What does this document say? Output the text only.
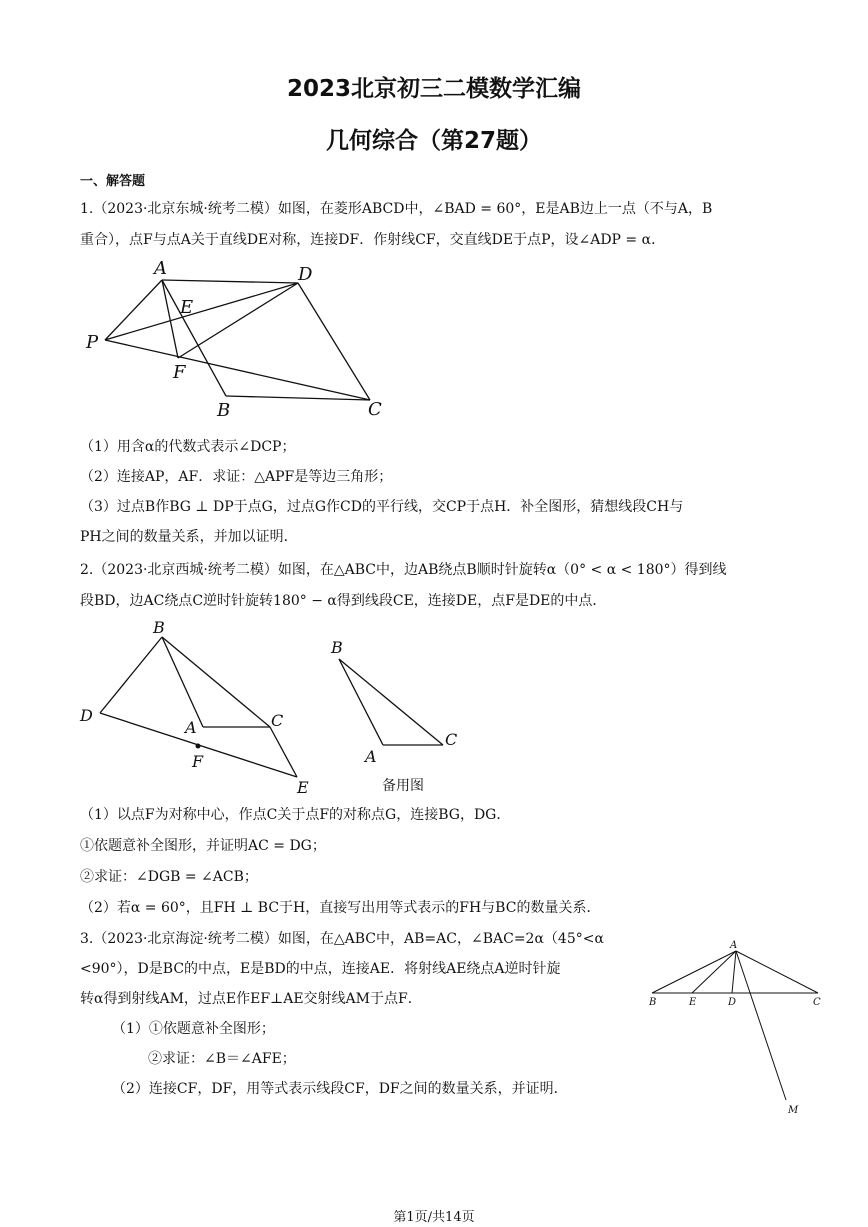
2023北京初三二模数学汇编
几何综合（第27题）
一、解答题
1.（2023·北京东城·统考二模）如图，在菱形ABCD中，∠BAD = 60°，E是AB边上一点（不与A，B
重合），点F与点A关于直线DE对称，连接DF．作射线CF，交直线DE于点P，设∠ADP = α．
A	D
E
P
F
B	C
（1）用含α的代数式表示∠DCP；
（2）连接AP，AF．求证：△APF是等边三角形；
（3）过点B作BG ⊥ DP于点G，过点G作CD的平行线，交CP于点H．补全图形，猜想线段CH与
PH之间的数量关系，并加以证明．
2.（2023·北京西城·统考二模）如图，在△ABC中，边AB绕点B顺时针旋转α（0° < α < 180°）得到线
段BD，边AC绕点C逆时针旋转180° − α得到线段CE，连接DE，点F是DE的中点．
B
D
A	C
F
E
B
A
C
备用图
（1）以点F为对称中心，作点C关于点F的对称点G，连接BG，DG．
①依题意补全图形，并证明AC = DG；
②求证：∠DGB = ∠ACB；
（2）若α = 60°，且FH ⊥ BC于H，直接写出用等式表示的FH与BC的数量关系．
3.（2023·北京海淀·统考二模）如图，在△ABC中，AB=AC，∠BAC=2α（45°<α
<90°），D是BC的中点，E是BD的中点，连接AE．将射线AE绕点A逆时针旋
转α得到射线AM，过点E作EF⊥AE交射线AM于点F．
（1）①依题意补全图形；
②求证：∠B＝∠AFE；
（2）连接CF，DF，用等式表示线段CF，DF之间的数量关系，并证明．
A
B	E	D	C
M
第1页/共14页
